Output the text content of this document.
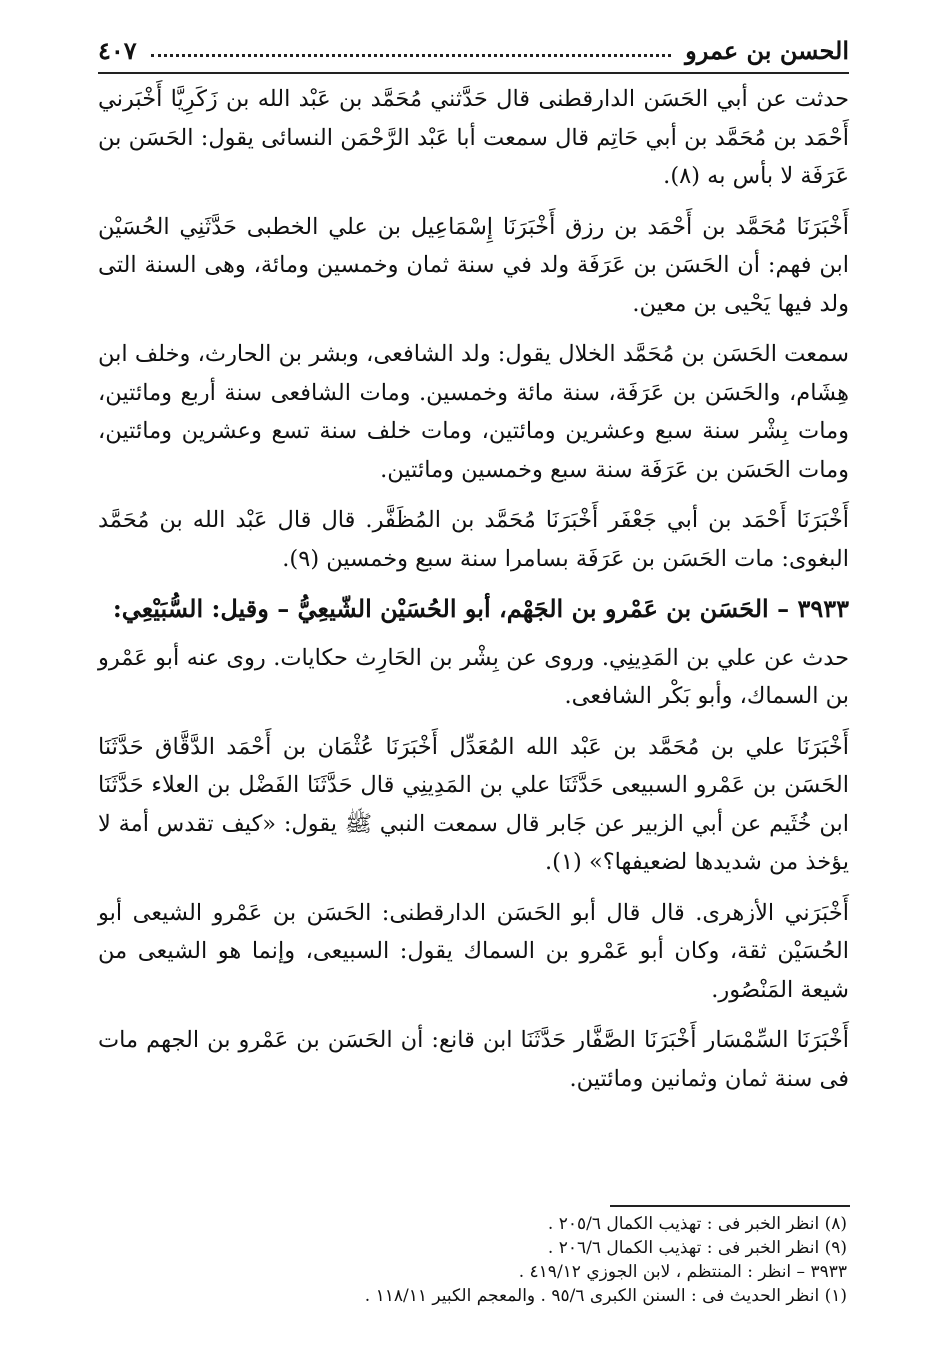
الحسن بن عمرو
٤٠٧

حدثت عن أبي الحَسَن الدارقطنى قال حَدَّثني مُحَمَّد بن عَبْد الله بن زَكَرِيَّا أَخْبَرني أَحْمَد بن مُحَمَّد بن أبي حَاتِم قال سمعت أبا عَبْد الرَّحْمَن النسائى يقول: الحَسَن بن عَرَفَة لا بأس به (٨).

أَخْبَرَنَا مُحَمَّد بن أَحْمَد بن رزق أَخْبَرَنَا إِسْمَاعِيل بن علي الخطبى حَدَّثَنِي الحُسَيْن ابن فهم: أن الحَسَن بن عَرَفَة ولد في سنة ثمان وخمسين ومائة، وهى السنة التى ولد فيها يَحْيى بن معين.

سمعت الحَسَن بن مُحَمَّد الخلال يقول: ولد الشافعى، وبشر بن الحارث، وخلف ابن هِشَام، والحَسَن بن عَرَفَة، سنة مائة وخمسين. ومات الشافعى سنة أربع ومائتين، ومات بِشْر سنة سبع وعشرين ومائتين، ومات خلف سنة تسع وعشرين ومائتين، ومات الحَسَن بن عَرَفَة سنة سبع وخمسين ومائتين.

أَخْبَرَنَا أَحْمَد بن أبي جَعْفَر أَخْبَرَنَا مُحَمَّد بن المُظَفَّر. قال قال عَبْد الله بن مُحَمَّد البغوى: مات الحَسَن بن عَرَفَة بسامرا سنة سبع وخمسين (٩).

٣٩٣٣ – الحَسَن بن عَمْرو بن الجَهْم، أبو الحُسَيْن الشّيعِيُّ – وقيل: السُّبَيْعِي:

حدث عن علي بن المَدِينِي. وروى عن بِشْر بن الحَارِث حكايات. روى عنه أبو عَمْرو بن السماك، وأبو بَكْر الشافعى.

أَخْبَرَنَا علي بن مُحَمَّد بن عَبْد الله المُعَدِّل أَخْبَرَنَا عُثْمَان بن أَحْمَد الدَّقَّاق حَدَّثَنَا الحَسَن بن عَمْرو السبيعى حَدَّثَنَا علي بن المَدِينِي قال حَدَّثَنَا الفَضْل بن العلاء حَدَّثَنَا ابن خُثَيم عن أبي الزبير عن جَابر قال سمعت النبي ﷺ يقول: «كيف تقدس أمة لا يؤخذ من شديدها لضعيفها؟» (١).

أَخْبَرَني الأزهرى. قال قال أبو الحَسَن الدارقطنى: الحَسَن بن عَمْرو الشيعى أبو الحُسَيْن ثقة، وكان أبو عَمْرو بن السماك يقول: السبيعى، وإنما هو الشيعى من شيعة المَنْصُور.

أَخْبَرَنَا السِّمْسَار أَخْبَرَنَا الصَّفَّار حَدَّثَنَا ابن قانع: أن الحَسَن بن عَمْرو بن الجهم مات فى سنة ثمان وثمانين ومائتين.

(٨) انظر الخبر فى : تهذيب الكمال ٢٠٥/٦ .

(٩) انظر الخبر فى : تهذيب الكمال ٢٠٦/٦ .

٣٩٣٣ – انظر : المنتظم ، لابن الجوزي ٤١٩/١٢ .

(١) انظر الحديث فى : السنن الكبرى ٩٥/٦ . والمعجم الكبير ١١٨/١١ .
